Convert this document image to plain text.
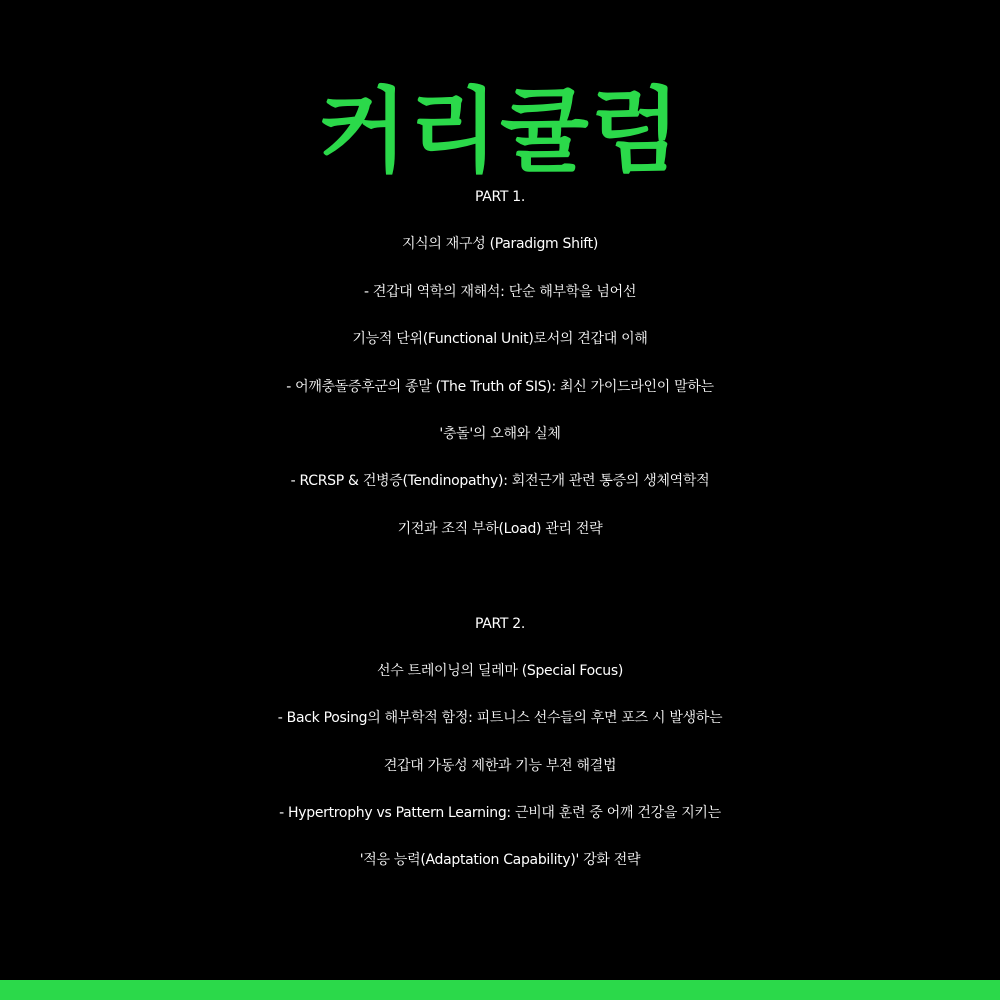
커리큘럼
PART 1.
지식의 재구성 (Paradigm Shift)
- 견갑대 역학의 재해석: 단순 해부학을 넘어선
기능적 단위(Functional Unit)로서의 견갑대 이해
- 어깨충돌증후군의 종말 (The Truth of SIS): 최신 가이드라인이 말하는
'충돌'의 오해와 실체
- RCRSP & 건병증(Tendinopathy): 회전근개 관련 통증의 생체역학적
기전과 조직 부하(Load) 관리 전략
PART 2.
선수 트레이닝의 딜레마 (Special Focus)
- Back Posing의 해부학적 함정: 피트니스 선수들의 후면 포즈 시 발생하는
견갑대 가동성 제한과 기능 부전 해결법
- Hypertrophy vs Pattern Learning: 근비대 훈련 중 어깨 건강을 지키는
'적응 능력(Adaptation Capability)' 강화 전략
